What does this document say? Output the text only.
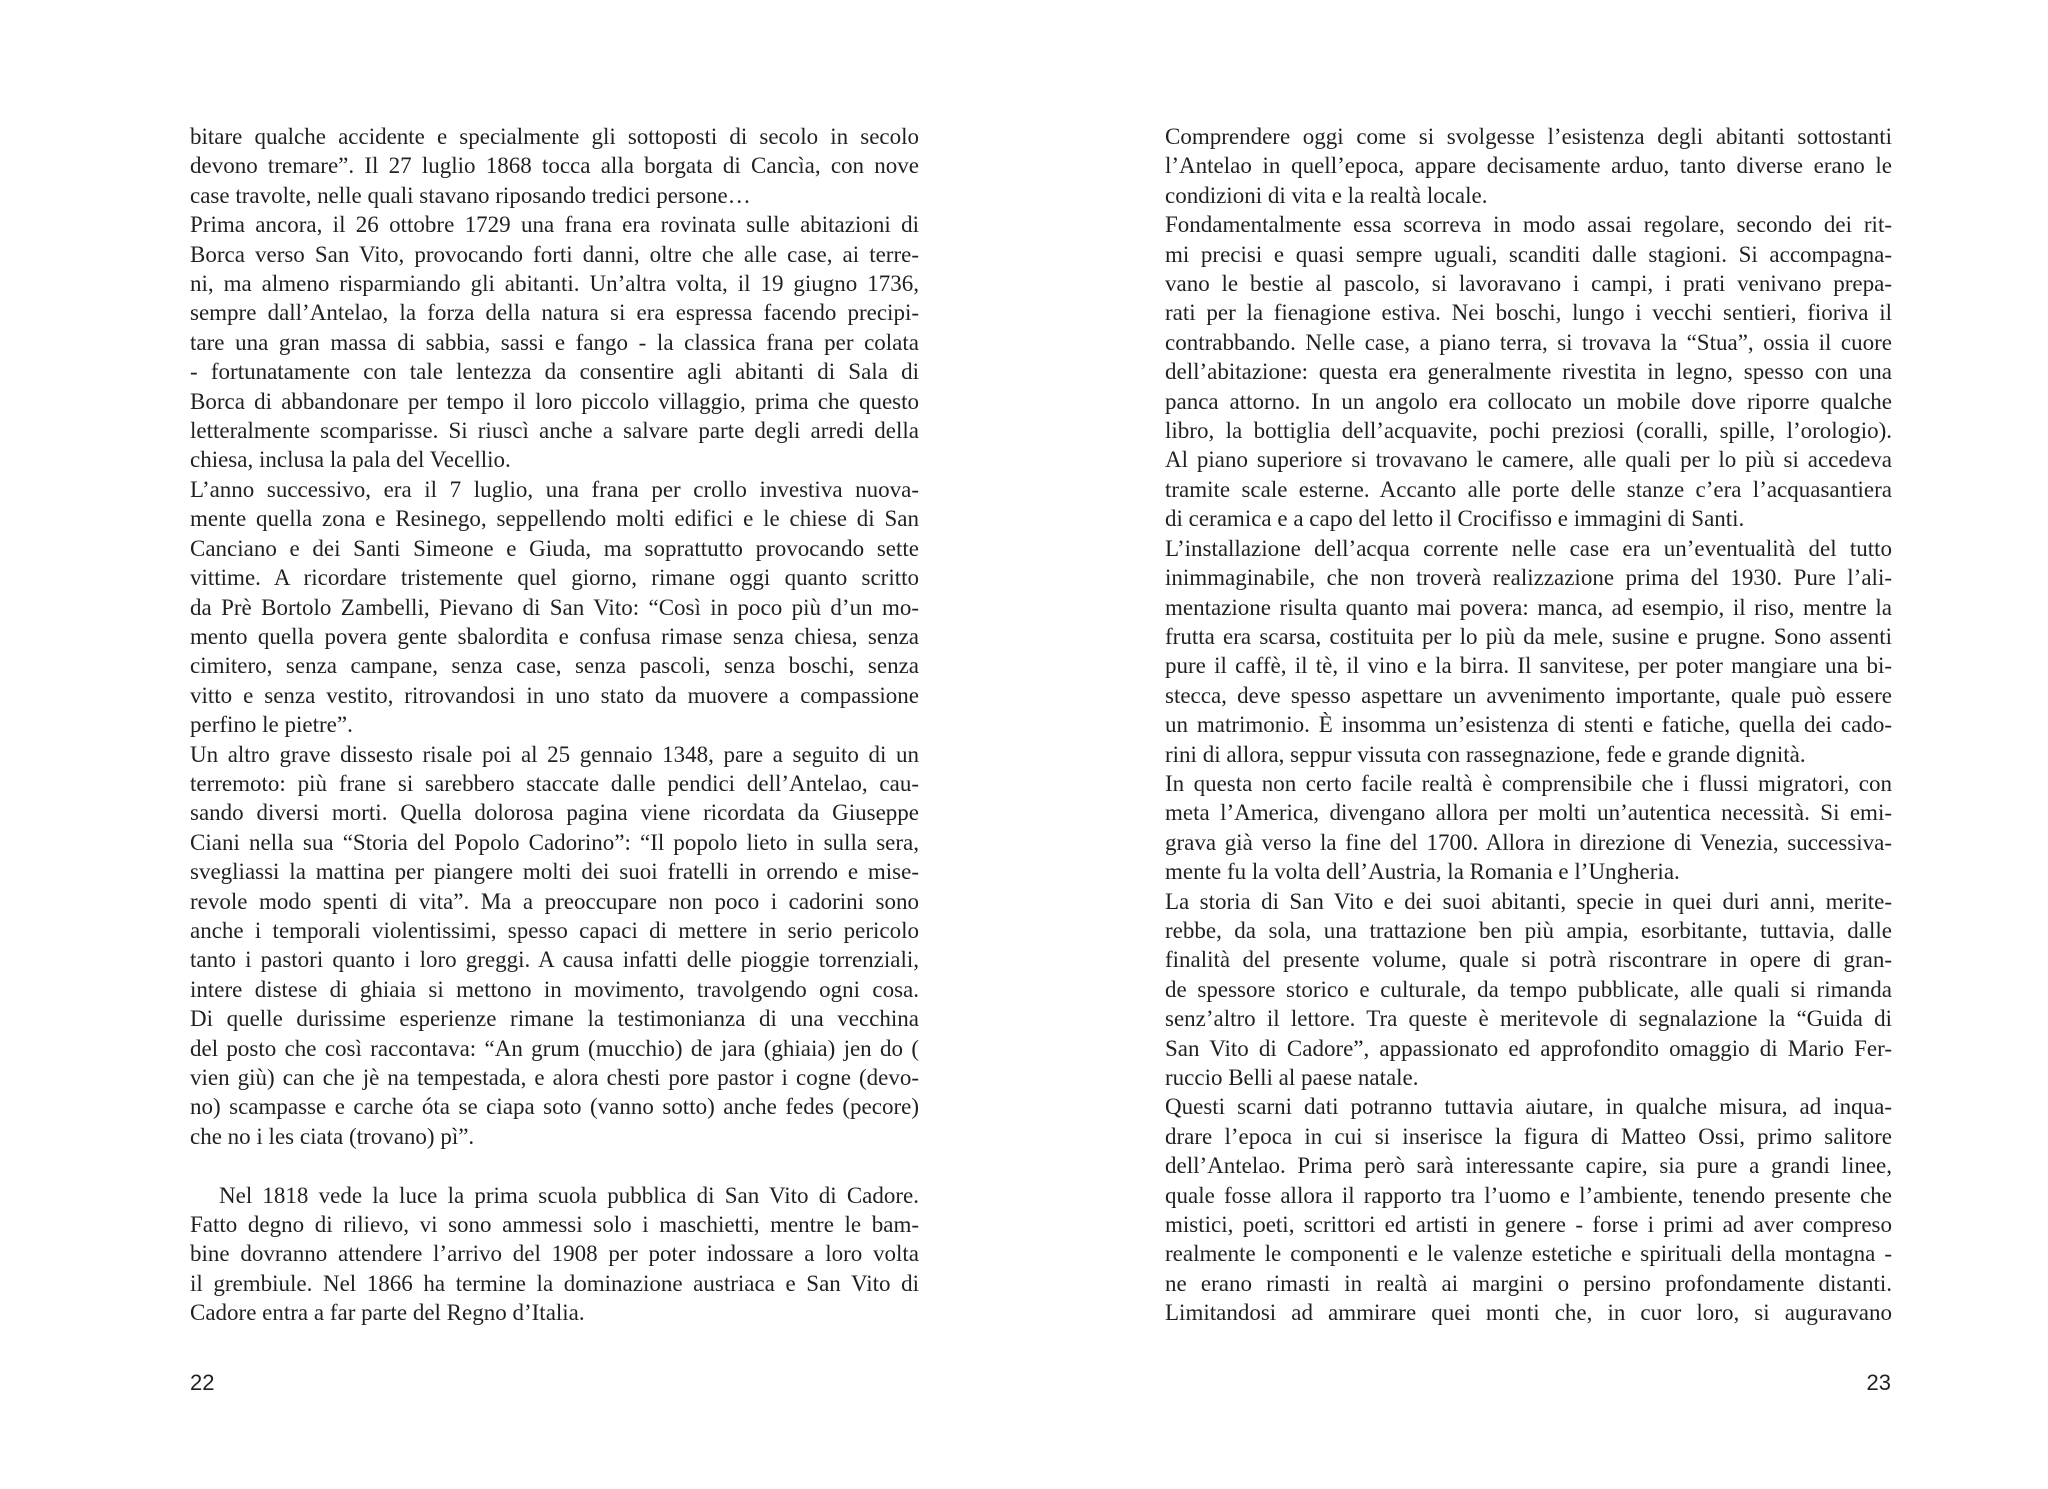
bitare qualche accidente e specialmente gli sottoposti di secolo in secolo
devono tremare”. Il 27 luglio 1868 tocca alla borgata di Cancìa, con nove
case travolte, nelle quali stavano riposando tredici persone…
Prima ancora, il 26 ottobre 1729 una frana era rovinata sulle abitazioni di
Borca verso San Vito, provocando forti danni, oltre che alle case, ai terre-
ni, ma almeno risparmiando gli abitanti. Un’altra volta, il 19 giugno 1736,
sempre dall’Antelao, la forza della natura si era espressa facendo precipi-
tare una gran massa di sabbia, sassi e fango - la classica frana per colata
- fortunatamente con tale lentezza da consentire agli abitanti di Sala di
Borca di abbandonare per tempo il loro piccolo villaggio, prima che questo
letteralmente scomparisse. Si riuscì anche a salvare parte degli arredi della
chiesa, inclusa la pala del Vecellio.
L’anno successivo, era il 7 luglio, una frana per crollo investiva nuova-
mente quella zona e Resinego, seppellendo molti edifici e le chiese di San
Canciano e dei Santi Simeone e Giuda, ma soprattutto provocando sette
vittime. A ricordare tristemente quel giorno, rimane oggi quanto scritto
da Prè Bortolo Zambelli, Pievano di San Vito: “Così in poco più d’un mo-
mento quella povera gente sbalordita e confusa rimase senza chiesa, senza
cimitero, senza campane, senza case, senza pascoli, senza boschi, senza
vitto e senza vestito, ritrovandosi in uno stato da muovere a compassione
perfino le pietre”.
Un altro grave dissesto risale poi al 25 gennaio 1348, pare a seguito di un
terremoto: più frane si sarebbero staccate dalle pendici dell’Antelao, cau-
sando diversi morti. Quella dolorosa pagina viene ricordata da Giuseppe
Ciani nella sua “Storia del Popolo Cadorino”: “Il popolo lieto in sulla sera,
svegliassi la mattina per piangere molti dei suoi fratelli in orrendo e mise-
revole modo spenti di vita”. Ma a preoccupare non poco i cadorini sono
anche i temporali violentissimi, spesso capaci di mettere in serio pericolo
tanto i pastori quanto i loro greggi. A causa infatti delle pioggie torrenziali,
intere distese di ghiaia si mettono in movimento, travolgendo ogni cosa.
Di quelle durissime esperienze rimane la testimonianza di una vecchina
del posto che così raccontava: “An grum (mucchio) de jara (ghiaia) jen do (
vien giù) can che jè na tempestada, e alora chesti pore pastor i cogne (devo-
no) scampasse e carche óta se ciapa soto (vanno sotto) anche fedes (pecore)
che no i les ciata (trovano) pì”.
Nel 1818 vede la luce la prima scuola pubblica di San Vito di Cadore.
Fatto degno di rilievo, vi sono ammessi solo i maschietti, mentre le bam-
bine dovranno attendere l’arrivo del 1908 per poter indossare a loro volta
il grembiule. Nel 1866 ha termine la dominazione austriaca e San Vito di
Cadore entra a far parte del Regno d’Italia.
22
Comprendere oggi come si svolgesse l’esistenza degli abitanti sottostanti
l’Antelao in quell’epoca, appare decisamente arduo, tanto diverse erano le
condizioni di vita e la realtà locale.
Fondamentalmente essa scorreva in modo assai regolare, secondo dei rit-
mi precisi e quasi sempre uguali, scanditi dalle stagioni. Si accompagna-
vano le bestie al pascolo, si lavoravano i campi, i prati venivano prepa-
rati per la fienagione estiva. Nei boschi, lungo i vecchi sentieri, fioriva il
contrabbando. Nelle case, a piano terra, si trovava la “Stua”, ossia il cuore
dell’abitazione: questa era generalmente rivestita in legno, spesso con una
panca attorno. In un angolo era collocato un mobile dove riporre qualche
libro, la bottiglia dell’acquavite, pochi preziosi (coralli, spille, l’orologio).
Al piano superiore si trovavano le camere, alle quali per lo più si accedeva
tramite scale esterne. Accanto alle porte delle stanze c’era l’acquasantiera
di ceramica e a capo del letto il Crocifisso e immagini di Santi.
L’installazione dell’acqua corrente nelle case era un’eventualità del tutto
inimmaginabile, che non troverà realizzazione prima del 1930. Pure l’ali-
mentazione risulta quanto mai povera: manca, ad esempio, il riso, mentre la
frutta era scarsa, costituita per lo più da mele, susine e prugne. Sono assenti
pure il caffè, il tè, il vino e la birra. Il sanvitese, per poter mangiare una bi-
stecca, deve spesso aspettare un avvenimento importante, quale può essere
un matrimonio. È insomma un’esistenza di stenti e fatiche, quella dei cado-
rini di allora, seppur vissuta con rassegnazione, fede e grande dignità.
In questa non certo facile realtà è comprensibile che i flussi migratori, con
meta l’America, divengano allora per molti un’autentica necessità. Si emi-
grava già verso la fine del 1700. Allora in direzione di Venezia, successiva-
mente fu la volta dell’Austria, la Romania e l’Ungheria.
La storia di San Vito e dei suoi abitanti, specie in quei duri anni, merite-
rebbe, da sola, una trattazione ben più ampia, esorbitante, tuttavia, dalle
finalità del presente volume, quale si potrà riscontrare in opere di gran-
de spessore storico e culturale, da tempo pubblicate, alle quali si rimanda
senz’altro il lettore. Tra queste è meritevole di segnalazione la “Guida di
San Vito di Cadore”, appassionato ed approfondito omaggio di Mario Fer-
ruccio Belli al paese natale.
Questi scarni dati potranno tuttavia aiutare, in qualche misura, ad inqua-
drare l’epoca in cui si inserisce la figura di Matteo Ossi, primo salitore
dell’Antelao. Prima però sarà interessante capire, sia pure a grandi linee,
quale fosse allora il rapporto tra l’uomo e l’ambiente, tenendo presente che
mistici, poeti, scrittori ed artisti in genere - forse i primi ad aver compreso
realmente le componenti e le valenze estetiche e spirituali della montagna -
ne erano rimasti in realtà ai margini o persino profondamente distanti.
Limitandosi ad ammirare quei monti che, in cuor loro, si auguravano
23
